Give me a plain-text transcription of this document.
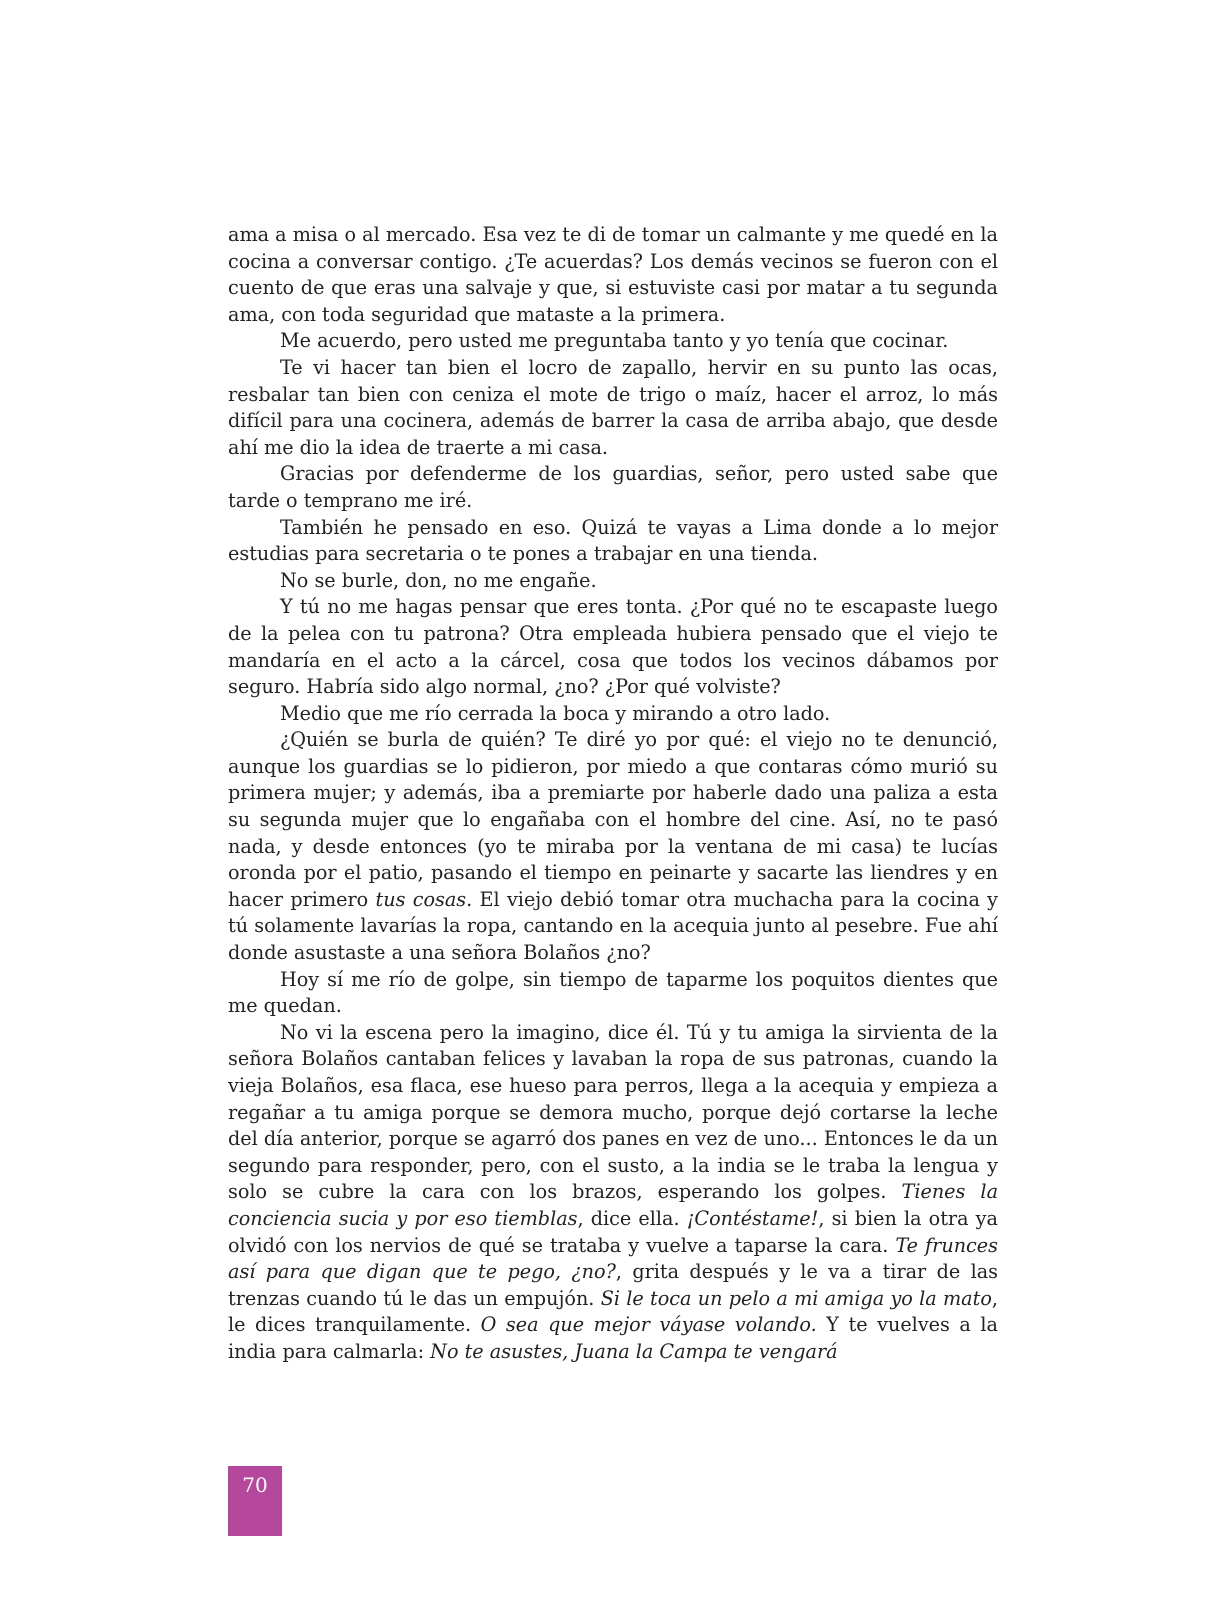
ama a misa o al mercado. Esa vez te di de tomar un calmante y me quedé en la cocina a conversar contigo. ¿Te acuerdas? Los demás vecinos se fueron con el cuento de que eras una salvaje y que, si estuviste casi por matar a tu segunda ama, con toda seguridad que mataste a la primera.

Me acuerdo, pero usted me preguntaba tanto y yo tenía que cocinar.

Te vi hacer tan bien el locro de zapallo, hervir en su punto las ocas, resbalar tan bien con ceniza el mote de trigo o maíz, hacer el arroz, lo más difícil para una cocinera, además de barrer la casa de arriba abajo, que desde ahí me dio la idea de traerte a mi casa.

Gracias por defenderme de los guardias, señor, pero usted sabe que tarde o temprano me iré.

También he pensado en eso. Quizá te vayas a Lima donde a lo mejor estudias para secretaria o te pones a trabajar en una tienda.

No se burle, don, no me engañe.

Y tú no me hagas pensar que eres tonta. ¿Por qué no te escapaste luego de la pelea con tu patrona? Otra empleada hubiera pensado que el viejo te mandaría en el acto a la cárcel, cosa que todos los vecinos dábamos por seguro. Habría sido algo normal, ¿no? ¿Por qué volviste?

Medio que me río cerrada la boca y mirando a otro lado.

¿Quién se burla de quién? Te diré yo por qué: el viejo no te denunció, aunque los guardias se lo pidieron, por miedo a que contaras cómo murió su primera mujer; y además, iba a premiarte por haberle dado una paliza a esta su segunda mujer que lo engañaba con el hombre del cine. Así, no te pasó nada, y desde entonces (yo te miraba por la ventana de mi casa) te lucías oronda por el patio, pasando el tiempo en peinarte y sacarte las liendres y en hacer primero tus cosas. El viejo debió tomar otra muchacha para la cocina y tú solamente lavarías la ropa, cantando en la acequia junto al pesebre. Fue ahí donde asustaste a una señora Bolaños ¿no?

Hoy sí me río de golpe, sin tiempo de taparme los poquitos dientes que me quedan.

No vi la escena pero la imagino, dice él. Tú y tu amiga la sirvienta de la señora Bolaños cantaban felices y lavaban la ropa de sus patronas, cuando la vieja Bolaños, esa flaca, ese hueso para perros, llega a la acequia y empieza a regañar a tu amiga porque se demora mucho, porque dejó cortarse la leche del día anterior, porque se agarró dos panes en vez de uno... Entonces le da un segundo para responder, pero, con el susto, a la india se le traba la lengua y solo se cubre la cara con los brazos, esperando los golpes. Tienes la conciencia sucia y por eso tiemblas, dice ella. ¡Contéstame!, si bien la otra ya olvidó con los nervios de qué se trataba y vuelve a taparse la cara. Te frunces así para que digan que te pego, ¿no?, grita después y le va a tirar de las trenzas cuando tú le das un empujón. Si le toca un pelo a mi amiga yo la mato, le dices tranquilamente. O sea que mejor váyase volando. Y te vuelves a la india para calmarla: No te asustes, Juana la Campa te vengará

70
